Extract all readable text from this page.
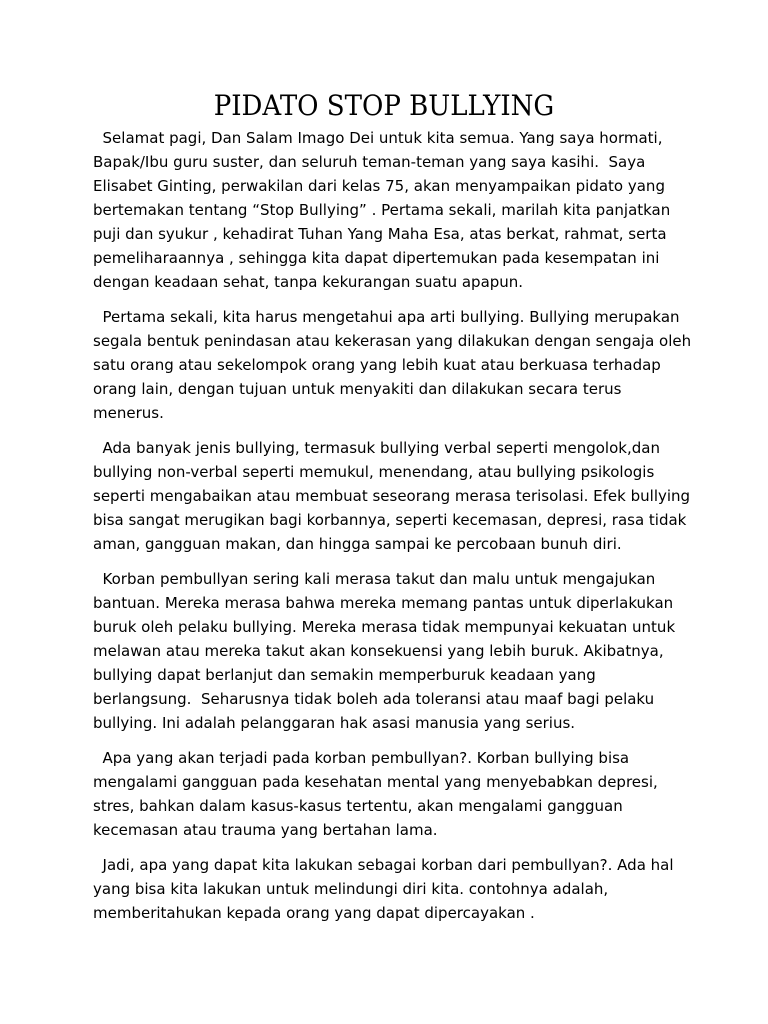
PIDATO STOP BULLYING
Selamat pagi, Dan Salam Imago Dei untuk kita semua. Yang saya hormati,
Bapak/Ibu guru suster, dan seluruh teman-teman yang saya kasihi.  Saya
Elisabet Ginting, perwakilan dari kelas 75, akan menyampaikan pidato yang
bertemakan tentang “Stop Bullying” . Pertama sekali, marilah kita panjatkan
puji dan syukur , kehadirat Tuhan Yang Maha Esa, atas berkat, rahmat, serta
pemeliharaannya , sehingga kita dapat dipertemukan pada kesempatan ini
dengan keadaan sehat, tanpa kekurangan suatu apapun.
Pertama sekali, kita harus mengetahui apa arti bullying. Bullying merupakan
segala bentuk penindasan atau kekerasan yang dilakukan dengan sengaja oleh
satu orang atau sekelompok orang yang lebih kuat atau berkuasa terhadap
orang lain, dengan tujuan untuk menyakiti dan dilakukan secara terus
menerus.
Ada banyak jenis bullying, termasuk bullying verbal seperti mengolok,dan
bullying non-verbal seperti memukul, menendang, atau bullying psikologis
seperti mengabaikan atau membuat seseorang merasa terisolasi. Efek bullying
bisa sangat merugikan bagi korbannya, seperti kecemasan, depresi, rasa tidak
aman, gangguan makan, dan hingga sampai ke percobaan bunuh diri.
Korban pembullyan sering kali merasa takut dan malu untuk mengajukan
bantuan. Mereka merasa bahwa mereka memang pantas untuk diperlakukan
buruk oleh pelaku bullying. Mereka merasa tidak mempunyai kekuatan untuk
melawan atau mereka takut akan konsekuensi yang lebih buruk. Akibatnya,
bullying dapat berlanjut dan semakin memperburuk keadaan yang
berlangsung.  Seharusnya tidak boleh ada toleransi atau maaf bagi pelaku
bullying. Ini adalah pelanggaran hak asasi manusia yang serius.
Apa yang akan terjadi pada korban pembullyan?. Korban bullying bisa
mengalami gangguan pada kesehatan mental yang menyebabkan depresi,
stres, bahkan dalam kasus-kasus tertentu, akan mengalami gangguan
kecemasan atau trauma yang bertahan lama.
Jadi, apa yang dapat kita lakukan sebagai korban dari pembullyan?. Ada hal
yang bisa kita lakukan untuk melindungi diri kita. contohnya adalah,
memberitahukan kepada orang yang dapat dipercayakan .
